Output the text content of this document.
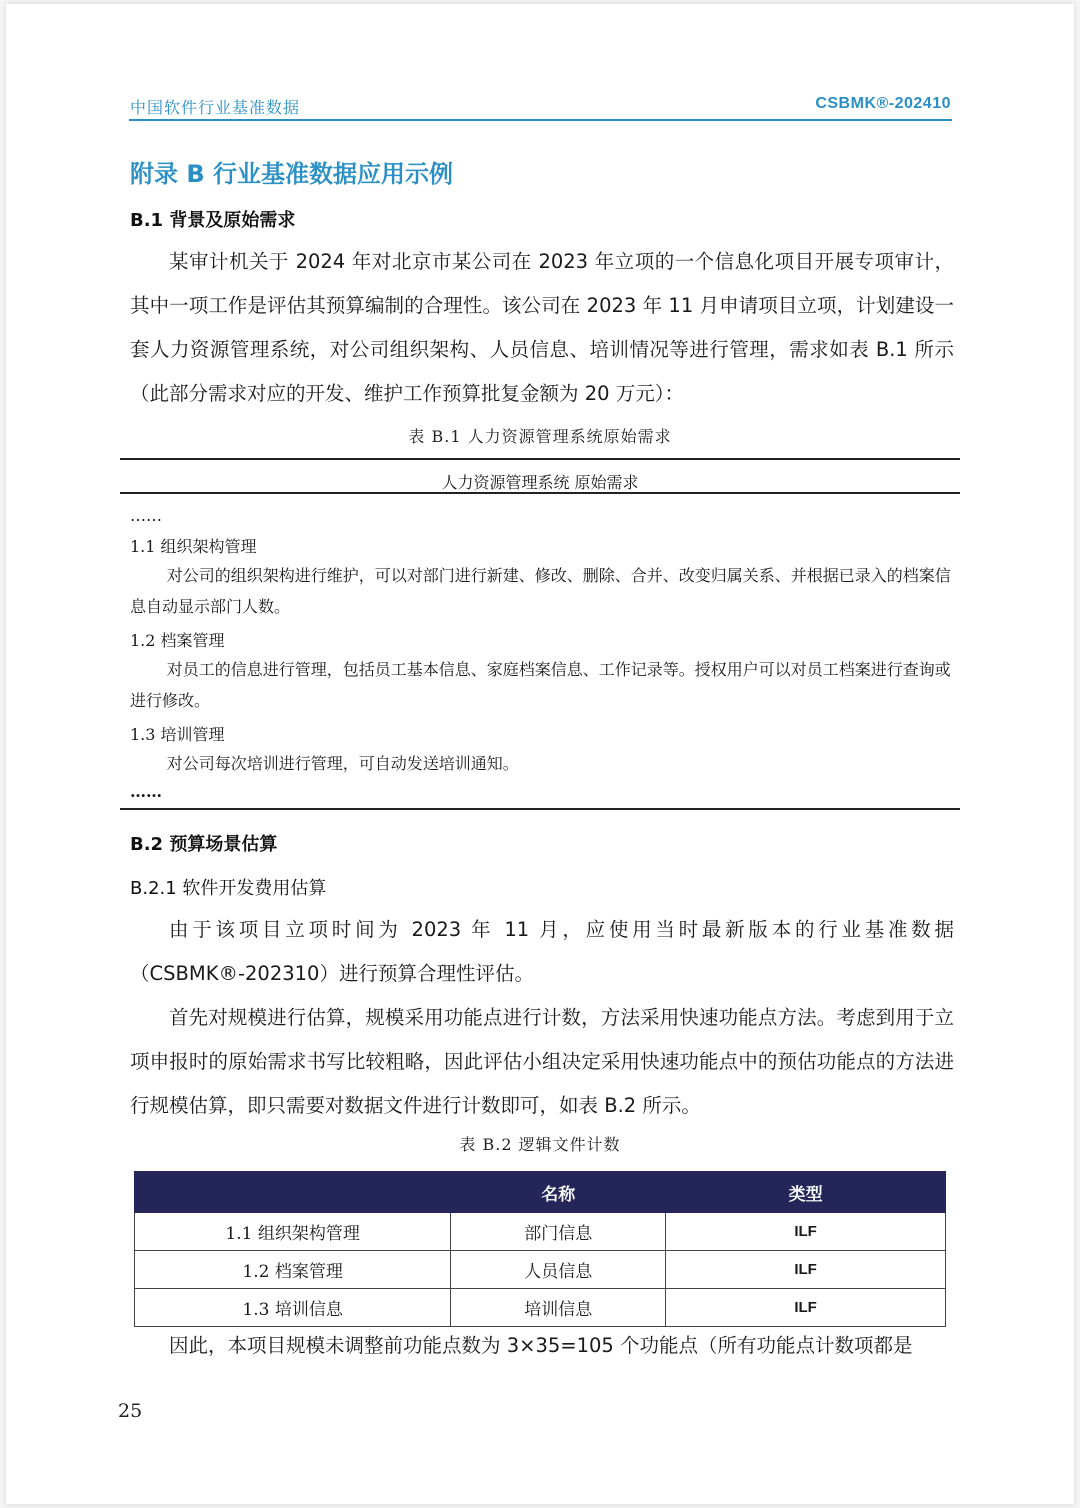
中国软件行业基准数据	CSBMK®-202410
附录 B 行业基准数据应用示例
B.1 背景及原始需求

某审计机关于 2024 年对北京市某公司在 2023 年立项的一个信息化项目开展专项审计，其中一项工作是评估其预算编制的合理性。该公司在 2023 年 11 月申请项目立项，计划建设一套人力资源管理系统，对公司组织架构、人员信息、培训情况等进行管理，需求如表 B.1 所示（此部分需求对应的开发、维护工作预算批复金额为 20 万元）：

表 B.1 人力资源管理系统原始需求
人力资源管理系统 原始需求
……
1.1 组织架构管理

对公司的组织架构进行维护，可以对部门进行新建、修改、删除、合并、改变归属关系、并根据已录入的档案信息自动显示部门人数。

1.2 档案管理

对员工的信息进行管理，包括员工基本信息、家庭档案信息、工作记录等。授权用户可以对员工档案进行查询或进行修改。

1.3 培训管理

对公司每次培训进行管理，可自动发送培训通知。

……
B.2 预算场景估算
B.2.1 软件开发费用估算

由于该项目立项时间为 2023 年 11 月，应使用当时最新版本的行业基准数据（CSBMK®-202310）进行预算合理性评估。

首先对规模进行估算，规模采用功能点进行计数，方法采用快速功能点方法。考虑到用于立项申报时的原始需求书写比较粗略，因此评估小组决定采用快速功能点中的预估功能点的方法进行规模估算，即只需要对数据文件进行计数即可，如表 B.2 所示。

表 B.2 逻辑文件计数
	名称	类型
1.1 组织架构管理	部门信息	ILF
1.2 档案管理	人员信息	ILF
1.3 培训信息	培训信息	ILF

因此，本项目规模未调整前功能点数为 3×35=105 个功能点（所有功能点计数项都是

25
